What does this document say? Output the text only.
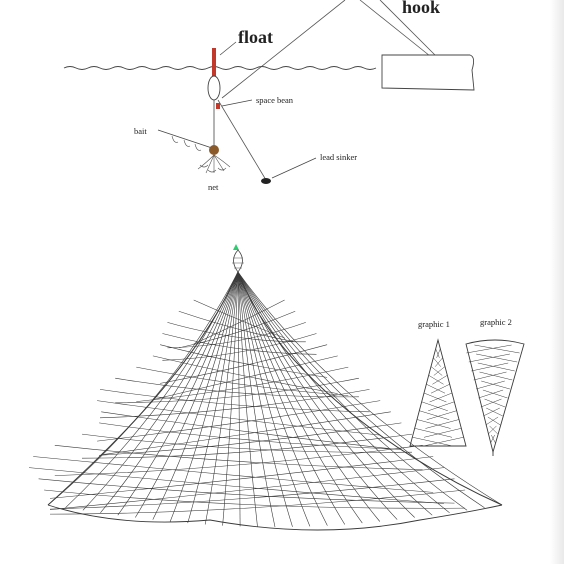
hook
float
space bean
bait
lead sinker
net
graphic 1	graphic 2
